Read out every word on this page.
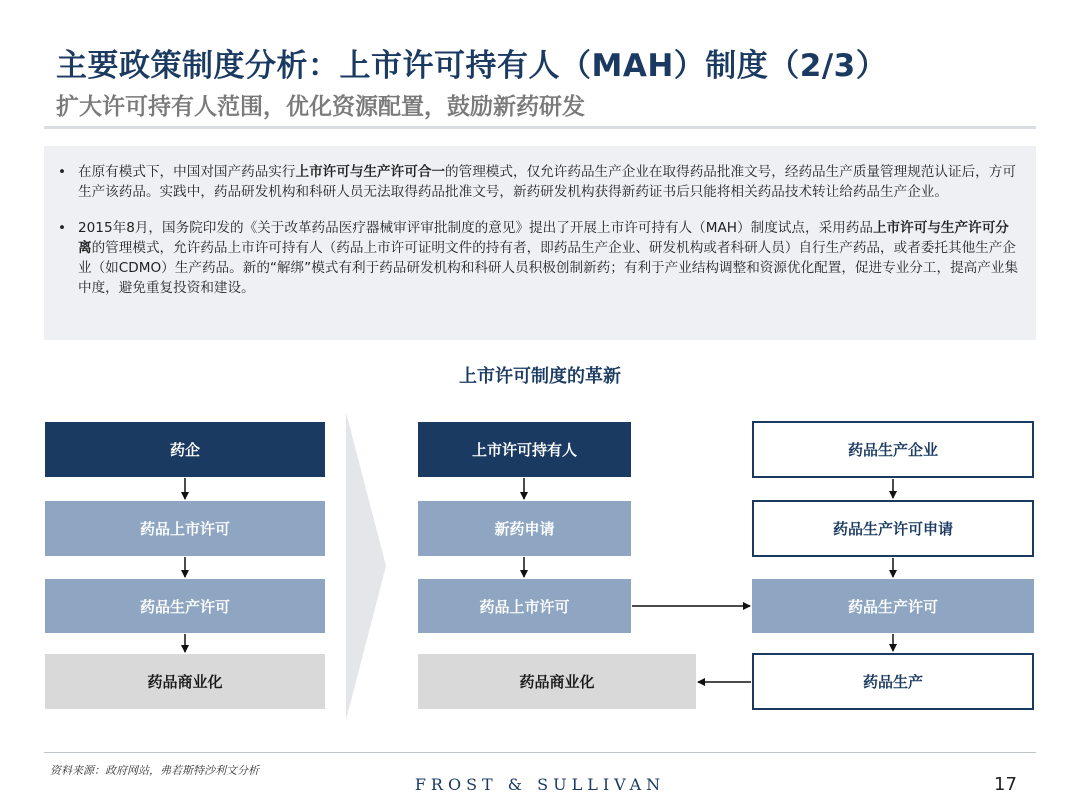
主要政策制度分析：上市许可持有人（MAH）制度（2/3）
扩大许可持有人范围，优化资源配置，鼓励新药研发
• 在原有模式下，中国对国产药品实行上市许可与生产许可合一的管理模式，仅允许药品生产企业在取得药品批准文号，经药品生产质量管理规范认证后，方可生产该药品。实践中，药品研发机构和科研人员无法取得药品批准文号，新药研发机构获得新药证书后只能将相关药品技术转让给药品生产企业。
• 2015年8月，国务院印发的《关于改革药品医疗器械审评审批制度的意见》提出了开展上市许可持有人（MAH）制度试点，采用药品上市许可与生产许可分离的管理模式，允许药品上市许可持有人（药品上市许可证明文件的持有者，即药品生产企业、研发机构或者科研人员）自行生产药品，或者委托其他生产企业（如CDMO）生产药品。新的“解绑”模式有利于药品研发机构和科研人员积极创制新药；有利于产业结构调整和资源优化配置，促进专业分工，提高产业集中度，避免重复投资和建设。
上市许可制度的革新
药企
药品上市许可
药品生产许可
药品商业化
上市许可持有人
新药申请
药品上市许可
药品商业化
药品生产企业
药品生产许可申请
药品生产许可
药品生产
资料来源：政府网站，弗若斯特沙利文分析
FROST & SULLIVAN	17
